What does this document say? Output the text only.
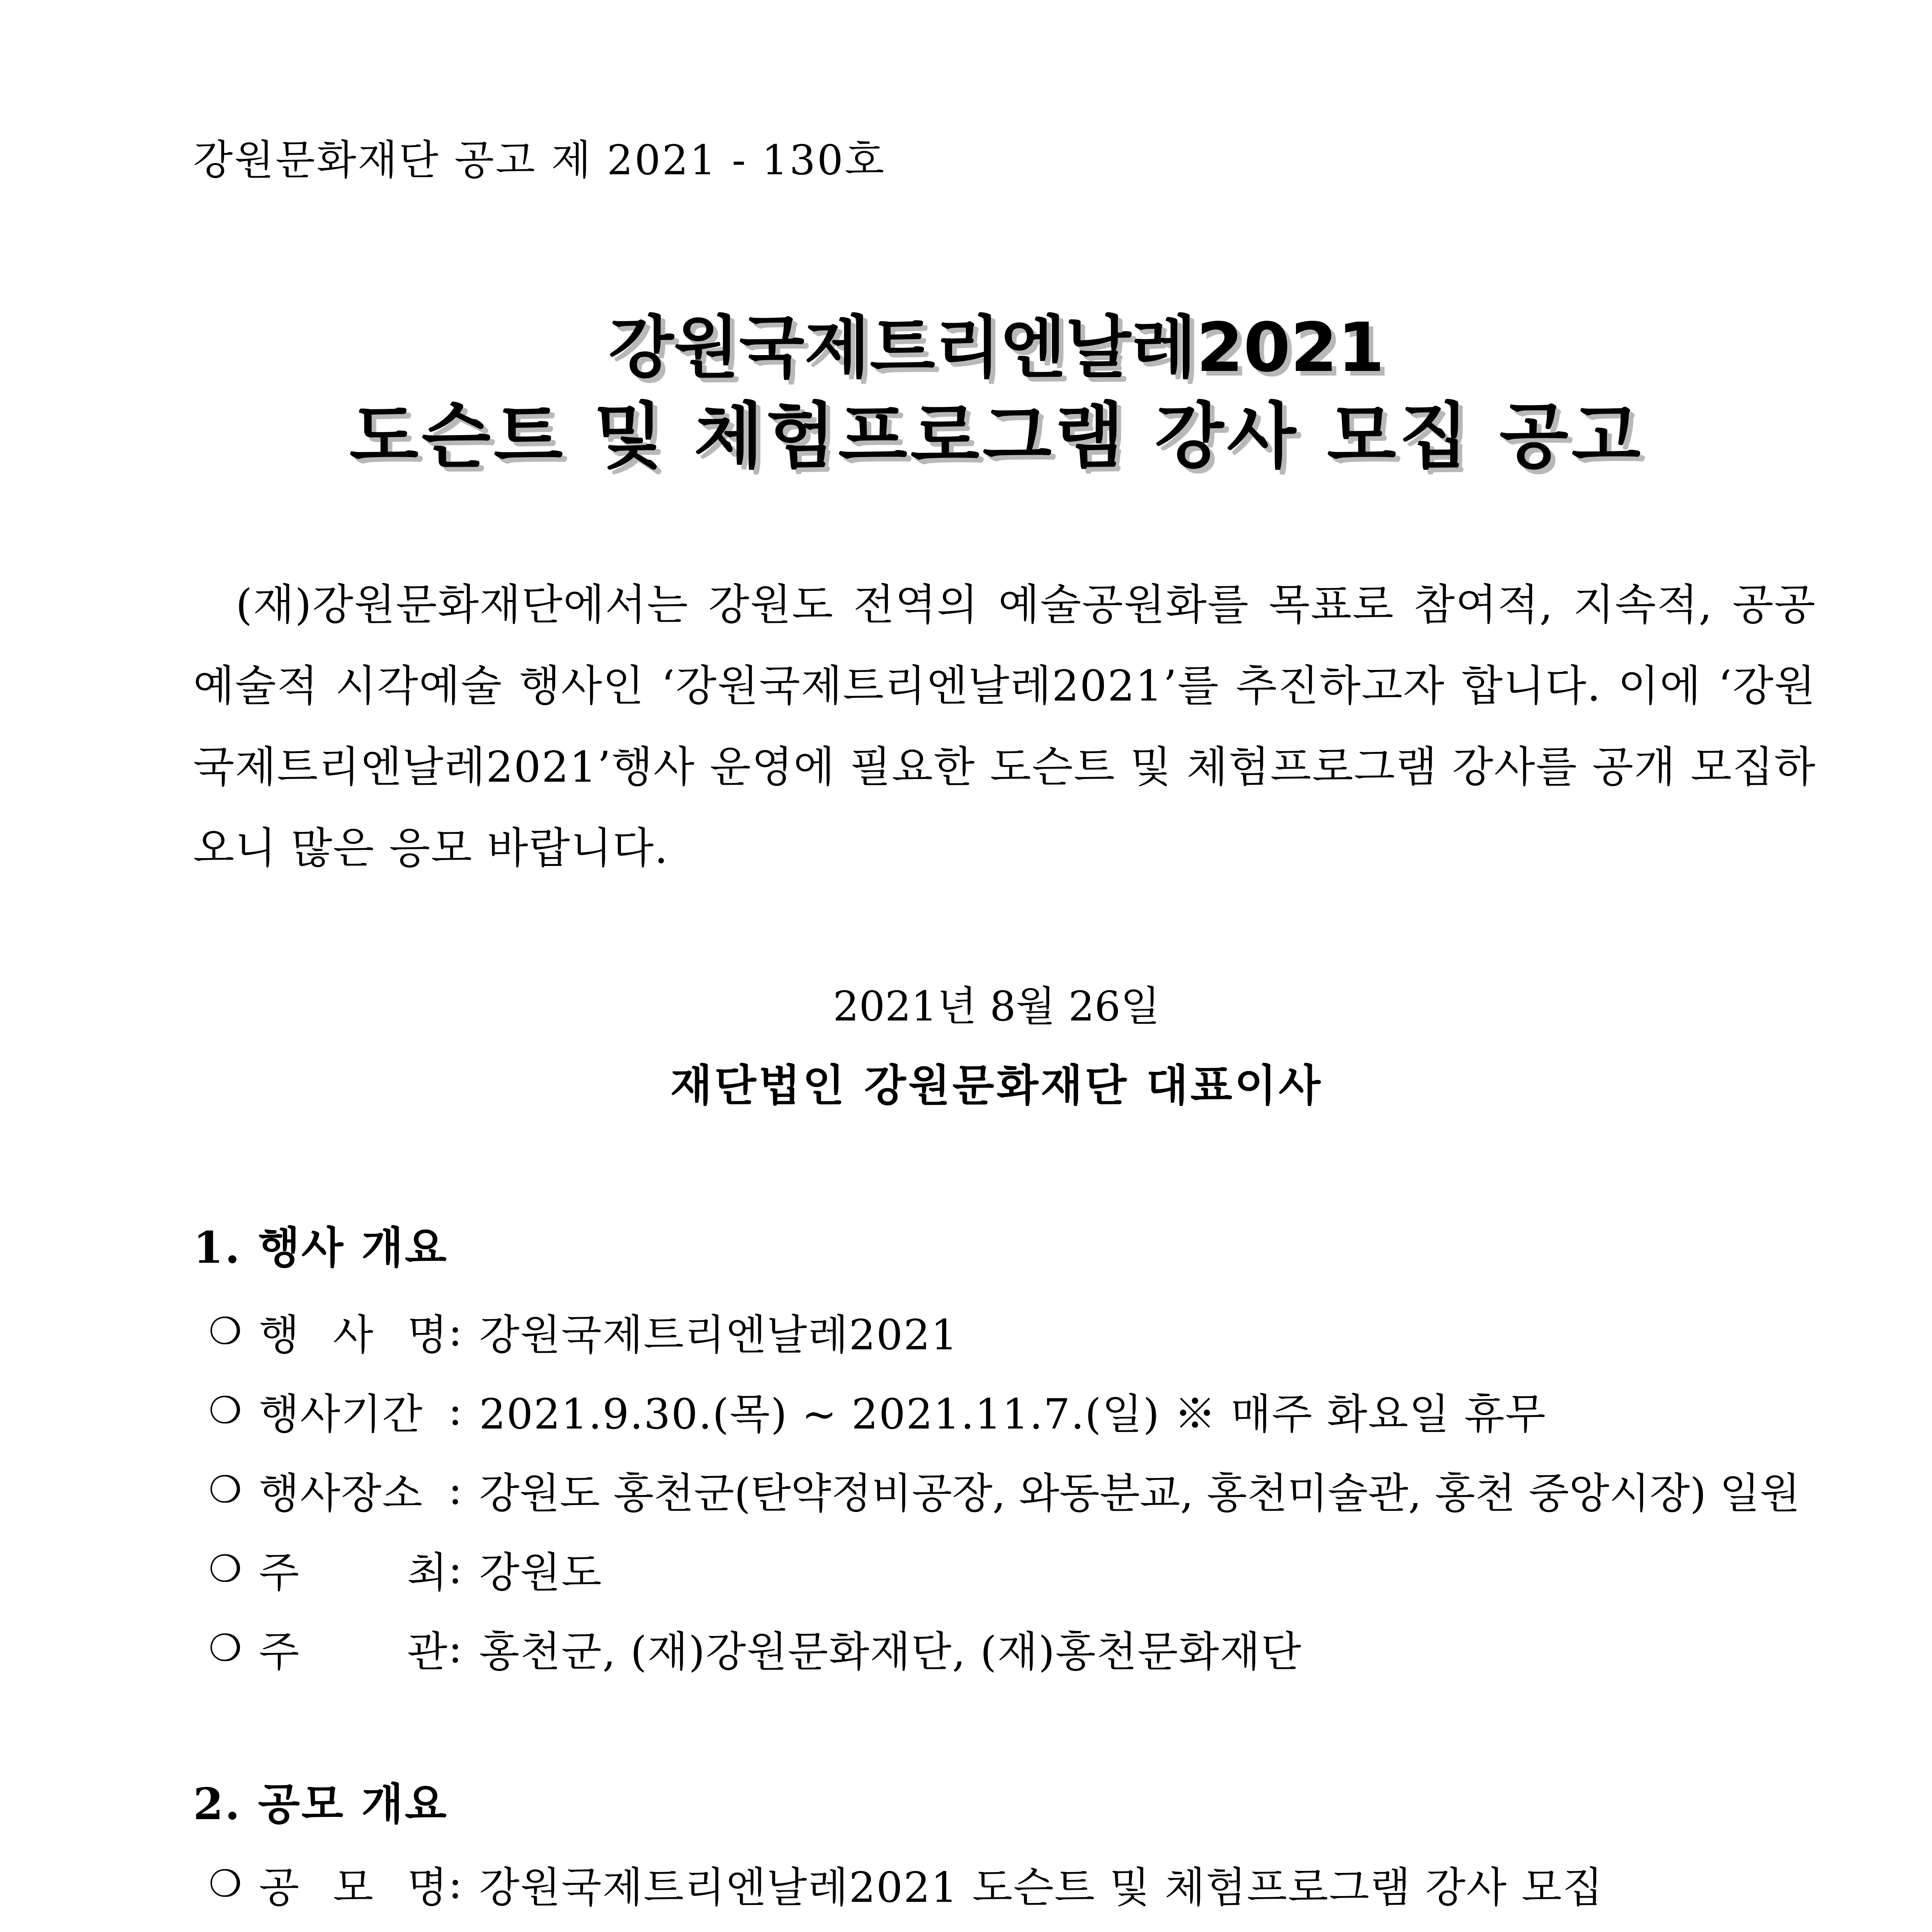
강원문화재단 공고 제 2021 - 130호
강원국제트리엔날레2021
도슨트 및 체험프로그램 강사 모집 공고
(재)강원문화재단에서는 강원도 전역의 예술공원화를 목표로 참여적, 지속적, 공공예술적 시각예술 행사인 ‘강원국제트리엔날레2021’를 추진하고자 합니다. 이에 ‘강원국제트리엔날레2021’행사 운영에 필요한 도슨트 및 체험프로그램 강사를 공개 모집하오니 많은 응모 바랍니다.
2021년 8월 26일
재단법인 강원문화재단 대표이사
1. 행사 개요
❍ 행 사 명 : 강원국제트리엔날레2021
❍ 행사기간 : 2021.9.30.(목) ~ 2021.11.7.(일) ※ 매주 화요일 휴무
❍ 행사장소 : 강원도 홍천군(탄약정비공장, 와동분교, 홍천미술관, 홍천 중앙시장) 일원
❍ 주	최 : 강원도
❍ 주	관 : 홍천군, (재)강원문화재단, (재)홍천문화재단
2. 공모 개요
❍ 공 모 명 : 강원국제트리엔날레2021 도슨트 및 체험프로그램 강사 모집
